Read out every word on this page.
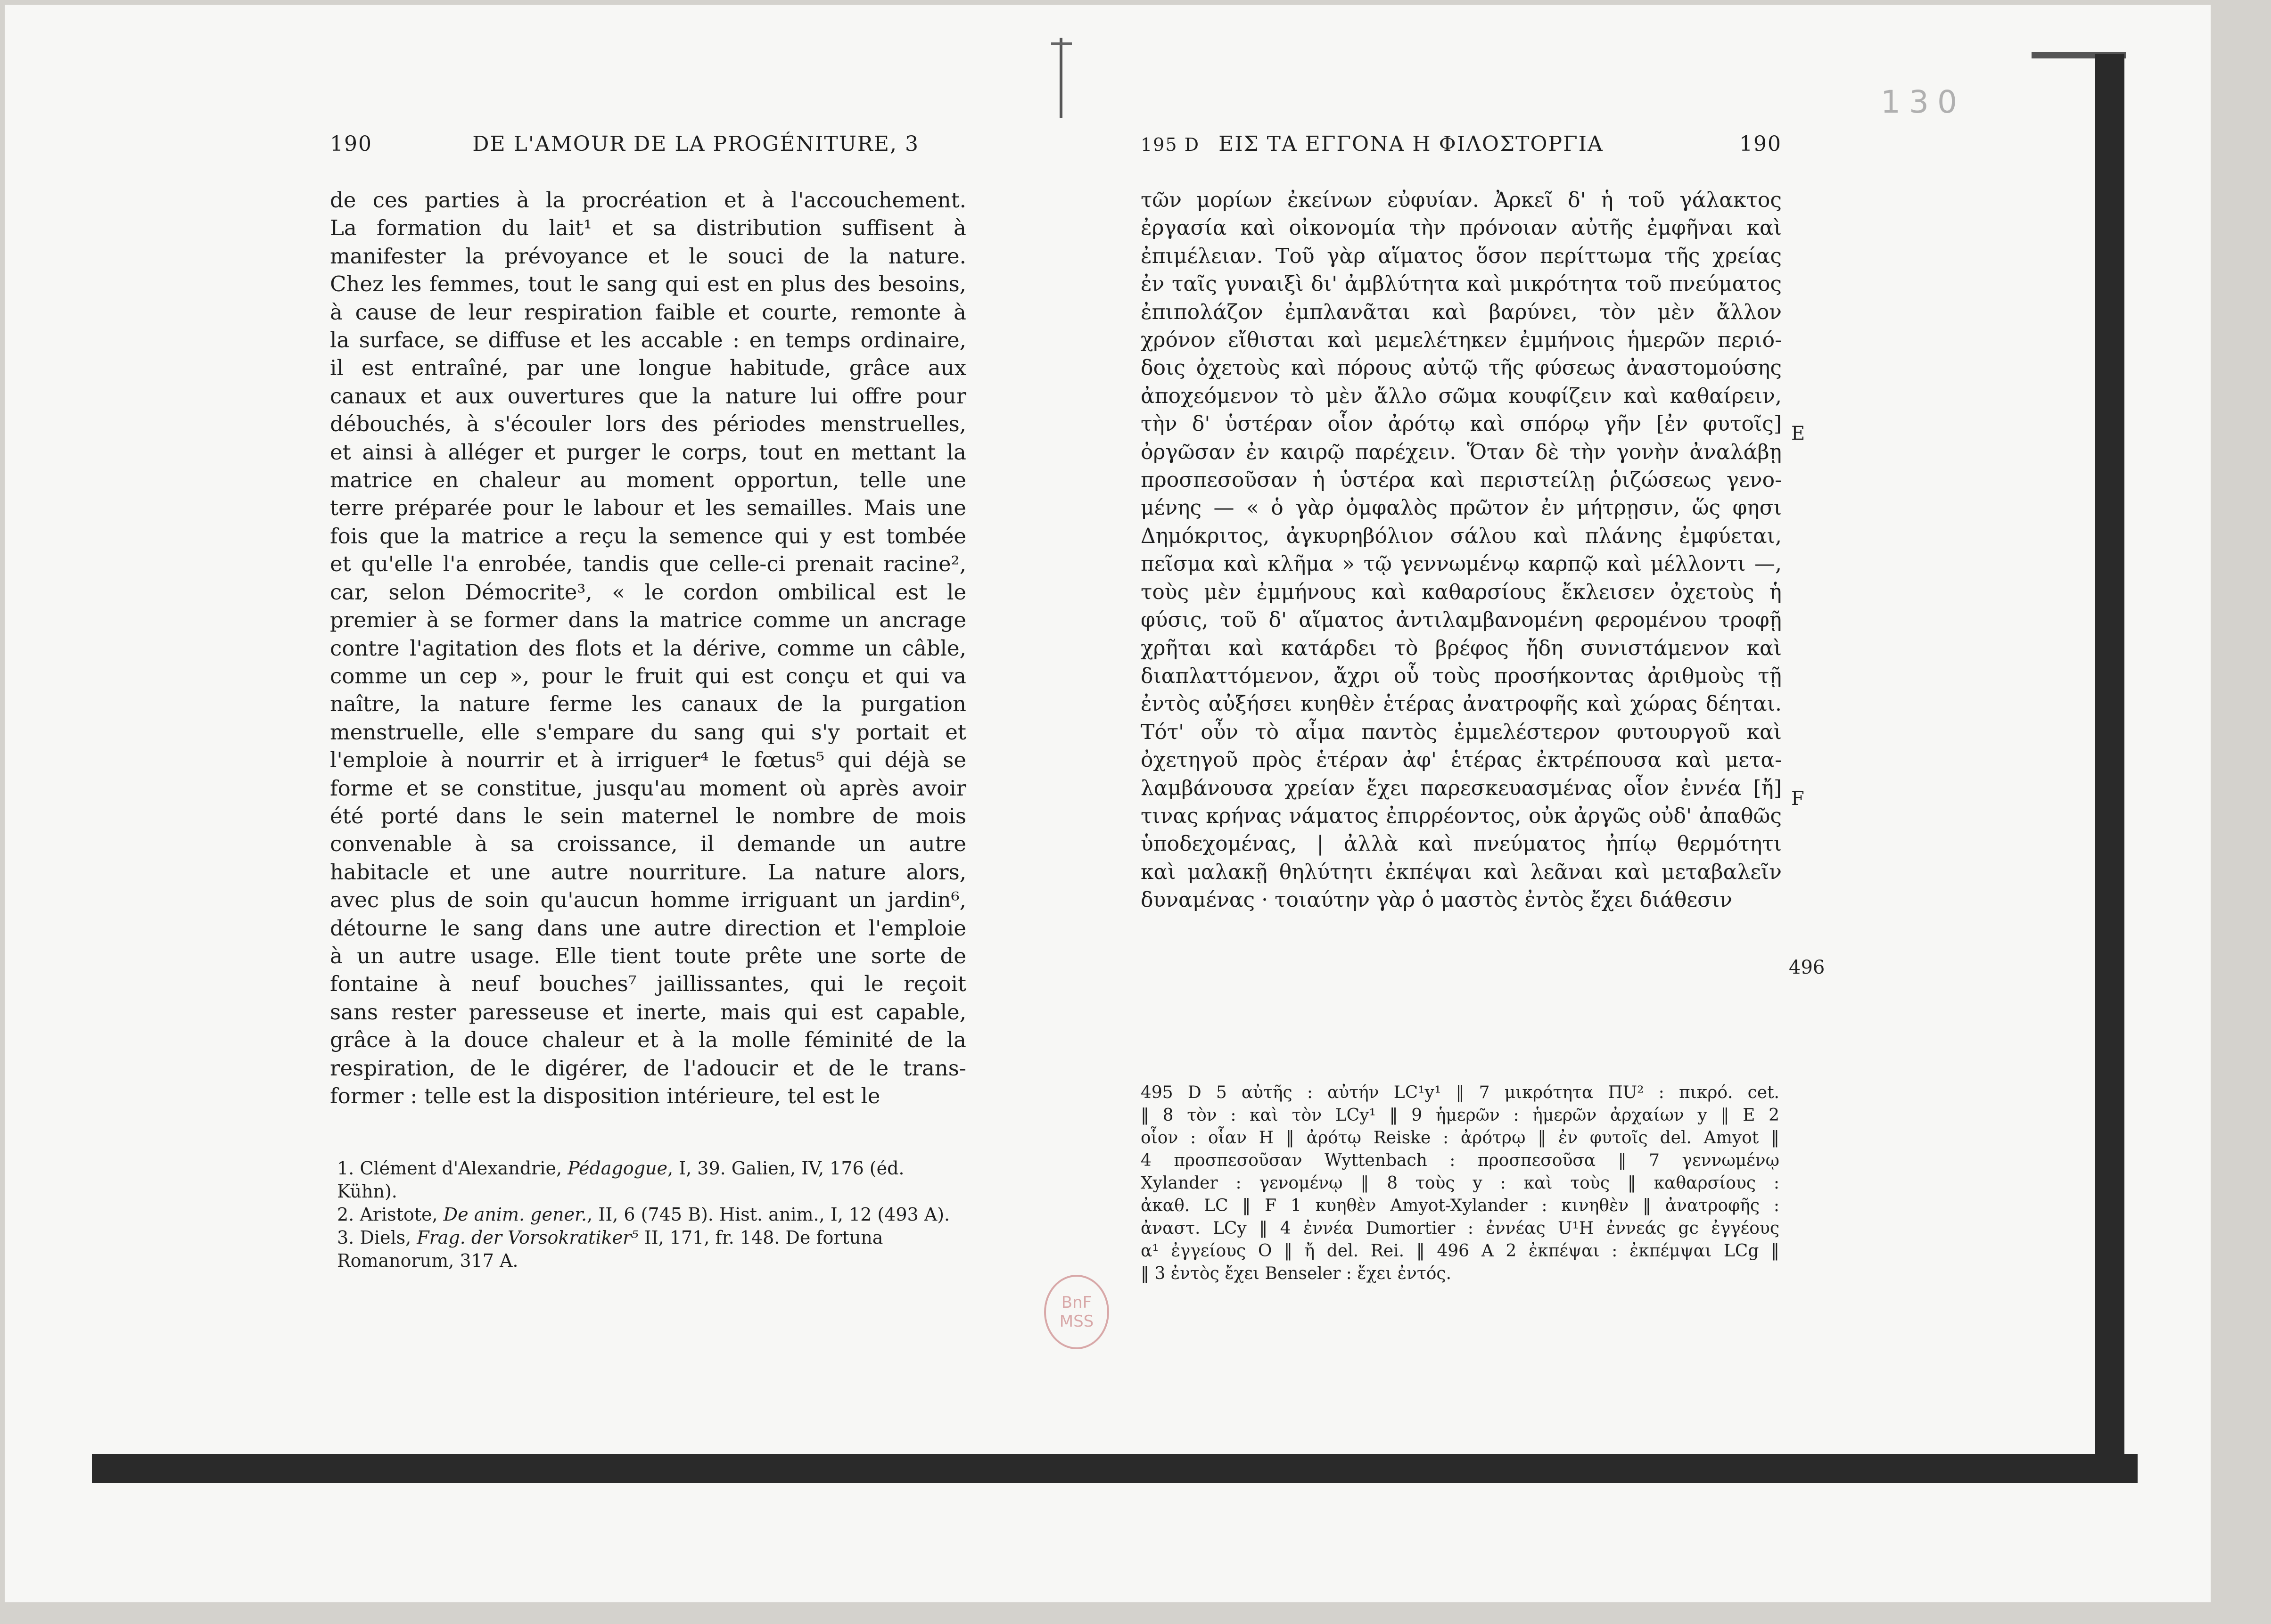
130
190	DE L'AMOUR DE LA PROGÉNITURE, 3
de ces parties à la procréation et à l'accouchement.
La formation du lait¹ et sa distribution suffisent à
manifester la prévoyance et le souci de la nature.
Chez les femmes, tout le sang qui est en plus des besoins,
à cause de leur respiration faible et courte, remonte à
la surface, se diffuse et les accable : en temps ordinaire,
il est entraîné, par une longue habitude, grâce aux
canaux et aux ouvertures que la nature lui offre pour
débouchés, à s'écouler lors des périodes menstruelles,
et ainsi à alléger et purger le corps, tout en mettant la
matrice en chaleur au moment opportun, telle une
terre préparée pour le labour et les semailles. Mais une
fois que la matrice a reçu la semence qui y est tombée
et qu'elle l'a enrobée, tandis que celle-ci prenait racine²,
car, selon Démocrite³, « le cordon ombilical est le
premier à se former dans la matrice comme un ancrage
contre l'agitation des flots et la dérive, comme un câble,
comme un cep », pour le fruit qui est conçu et qui va
naître, la nature ferme les canaux de la purgation
menstruelle, elle s'empare du sang qui s'y portait et
l'emploie à nourrir et à irriguer⁴ le fœtus⁵ qui déjà se
forme et se constitue, jusqu'au moment où après avoir
été porté dans le sein maternel le nombre de mois
convenable à sa croissance, il demande un autre
habitacle et une autre nourriture. La nature alors,
avec plus de soin qu'aucun homme irriguant un jardin⁶,
détourne le sang dans une autre direction et l'emploie
à un autre usage. Elle tient toute prête une sorte de
fontaine à neuf bouches⁷ jaillissantes, qui le reçoit
sans rester paresseuse et inerte, mais qui est capable,
grâce à la douce chaleur et à la molle féminité de la
respiration, de le digérer, de l'adoucir et de le trans-
former : telle est la disposition intérieure, tel est le
1. Clément d'Alexandrie, Pédagogue, I, 39. Galien, IV, 176 (éd. Kühn).
2. Aristote, De anim. gener., II, 6 (745 B). Hist. anim., I, 12 (493 A).
3. Diels, Frag. der Vorsokratiker⁵ II, 171, fr. 148. De fortuna Romanorum, 317 A.
195 D ΕΙΣ ΤΑ ΕΓΓΟΝΑ Η ΦΙΛΟΣΤΟΡΓΙΑ	190
τῶν μορίων ἐκείνων εὐφυίαν. Ἀρκεῖ δ' ἡ τοῦ γάλακτος
ἐργασία καὶ οἰκονομία τὴν πρόνοιαν αὐτῆς ἐμφῆναι καὶ
ἐπιμέλειαν. Τοῦ γὰρ αἵματος ὅσον περίττωμα τῆς χρείας
ἐν ταῖς γυναιξὶ δι' ἀμβλύτητα καὶ μικρότητα τοῦ πνεύματος
ἐπιπολάζον ἐμπλανᾶται καὶ βαρύνει, τὸν μὲν ἄλλον
χρόνον εἴθισται καὶ μεμελέτηκεν ἐμμήνοις ἡμερῶν περιό-
δοις ὀχετοὺς καὶ πόρους αὐτῷ τῆς φύσεως ἀναστομούσης
ἀποχεόμενον τὸ μὲν ἄλλο σῶμα κουφίζειν καὶ καθαίρειν,
τὴν δ' ὑστέραν οἷον ἀρότῳ καὶ σπόρῳ γῆν [ἐν φυτοῖς]
ὀργῶσαν ἐν καιρῷ παρέχειν. Ὅταν δὲ τὴν γονὴν ἀναλάβῃ
προσπεσοῦσαν ἡ ὑστέρα καὶ περιστείλῃ ῥιζώσεως γενο-
μένης — « ὁ γὰρ ὀμφαλὸς πρῶτον ἐν μήτρῃσιν, ὥς φησι
Δημόκριτος, ἀγκυρηβόλιον σάλου καὶ πλάνης ἐμφύεται,
πεῖσμα καὶ κλῆμα » τῷ γεννωμένῳ καρπῷ καὶ μέλλοντι —,
τοὺς μὲν ἐμμήνους καὶ καθαρσίους ἔκλεισεν ὀχετοὺς ἡ
φύσις, τοῦ δ' αἵματος ἀντιλαμβανομένη φερομένου τροφῇ
χρῆται καὶ κατάρδει τὸ βρέφος ἤδη συνιστάμενον καὶ
διαπλαττόμενον, ἄχρι οὗ τοὺς προσήκοντας ἀριθμοὺς τῇ
ἐντὸς αὐξήσει κυηθὲν ἑτέρας ἀνατροφῆς καὶ χώρας δέηται.
Τότ' οὖν τὸ αἷμα παντὸς ἐμμελέστερον φυτουργοῦ καὶ
ὀχετηγοῦ πρὸς ἑτέραν ἀφ' ἑτέρας ἐκτρέπουσα καὶ μετα-
λαμβάνουσα χρείαν ἔχει παρεσκευασμένας οἷον ἐννέα [ἤ]
τινας κρήνας νάματος ἐπιρρέοντος, οὐκ ἀργῶς οὐδ' ἀπαθῶς
ὑποδεχομένας, | ἀλλὰ καὶ πνεύματος ἠπίῳ θερμότητι
καὶ μαλακῇ θηλύτητι ἐκπέψαι καὶ λεᾶναι καὶ μεταβαλεῖν
δυναμένας · τοιαύτην γὰρ ὁ μαστὸς ἐντὸς ἔχει διάθεσιν
E
F
496
495 D 5 αὐτῆς : αὐτήν LC¹y¹ ‖ 7 μικρότητα ΠU² : πικρό. cet.
‖ 8 τὸν : καὶ τὸν LCy¹ ‖ 9 ἡμερῶν : ἡμερῶν ἀρχαίων y ‖ E 2
οἷον : οἷαν H ‖ ἀρότῳ Reiske : ἀρότρῳ ‖ ἐν φυτοῖς del. Amyot ‖
4 προσπεσοῦσαν Wyttenbach : προσπεσοῦσα ‖ 7 γεννωμένῳ
Xylander : γενομένῳ ‖ 8 τοὺς y : καὶ τοὺς ‖ καθαρσίους :
ἀκαθ. LC ‖ F 1 κυηθὲν Amyot-Xylander : κινηθὲν ‖ ἀνατροφῆς :
ἀναστ. LCy ‖ 4 ἐννέα Dumortier : ἐννέας U¹H ἐννεάς gc ἐγγέους
α¹ ἐγγείους O ‖ ἤ del. Rei. ‖ 496 A 2 ἐκπέψαι : ἐκπέμψαι LCg ‖
‖ 3 ἐντὸς ἔχει Benseler : ἔχει ἐντός.
BnF
MSS
